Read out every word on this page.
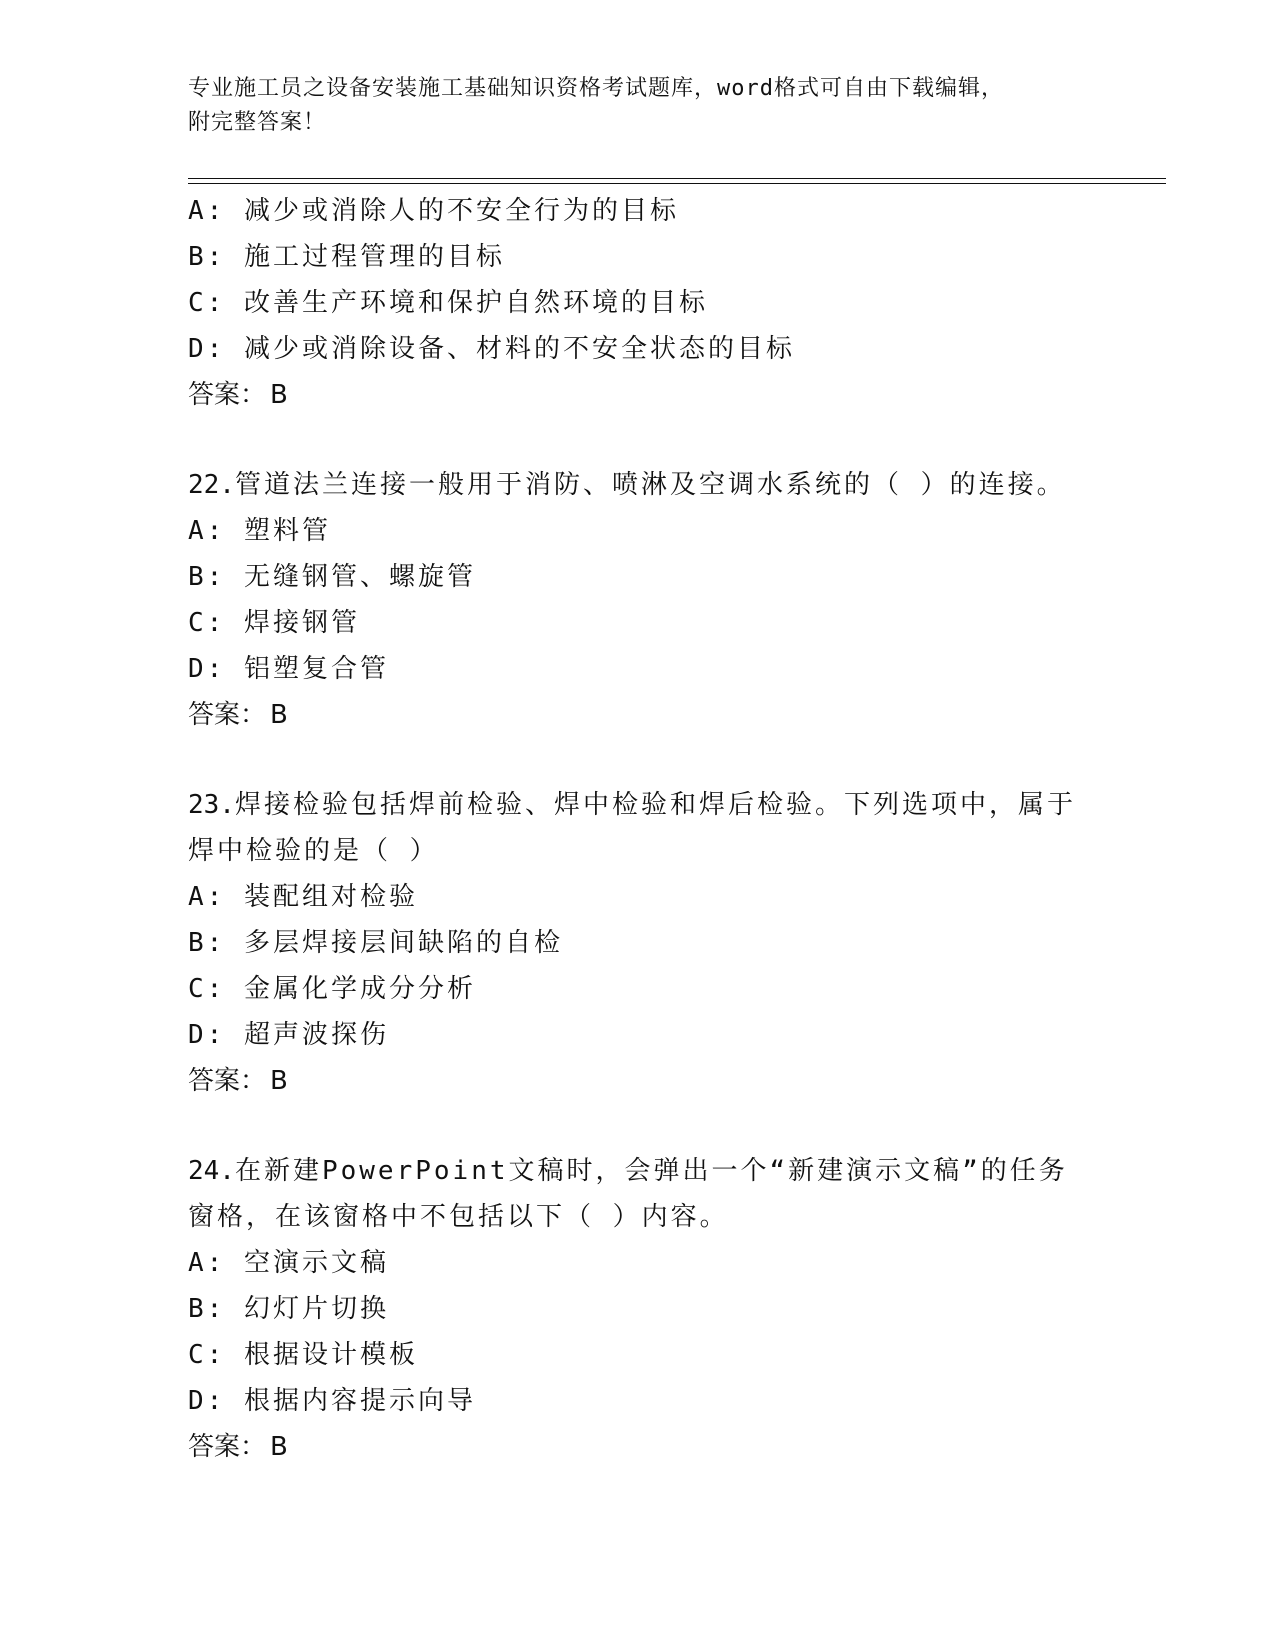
专业施工员之设备安装施工基础知识资格考试题库，word格式可自由下载编辑，
附完整答案！
A: 减少或消除人的不安全行为的目标
B: 施工过程管理的目标
C: 改善生产环境和保护自然环境的目标
D: 减少或消除设备、材料的不安全状态的目标
答案： B
22.管道法兰连接一般用于消防、喷淋及空调水系统的（ ）的连接。
A: 塑料管
B: 无缝钢管、螺旋管
C: 焊接钢管
D: 铝塑复合管
答案： B
23.焊接检验包括焊前检验、焊中检验和焊后检验。下列选项中，属于
焊中检验的是（ ）
A: 装配组对检验
B: 多层焊接层间缺陷的自检
C: 金属化学成分分析
D: 超声波探伤
答案： B
24.在新建PowerPoint文稿时，会弹出一个“新建演示文稿”的任务
窗格，在该窗格中不包括以下（ ）内容。
A: 空演示文稿
B: 幻灯片切换
C: 根据设计模板
D: 根据内容提示向导
答案： B
